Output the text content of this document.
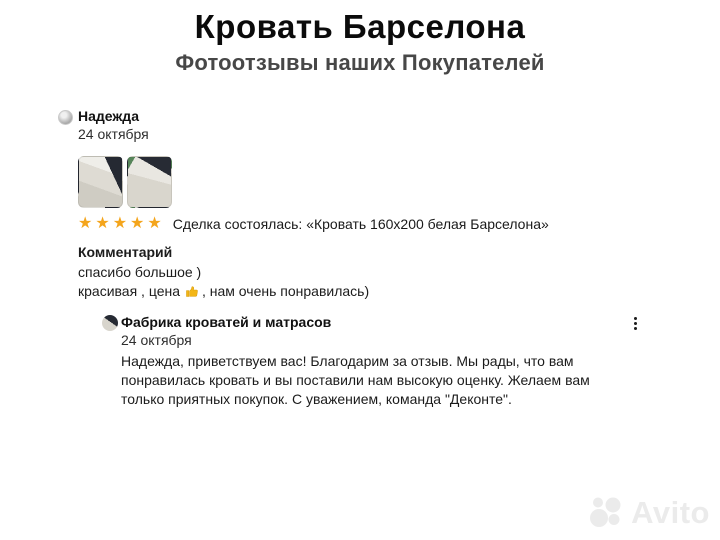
Кровать Барселона
Фотоотзывы наших Покупателей
Надежда
24 октября
★★★★★ Сделка состоялась: «Кровать 160x200 белая Барселона»
Комментарий
спасибо большое )
красивая , цена , нам очень понравилась)
Фабрика кроватей и матрасов
24 октября
Надежда, приветствуем вас! Благодарим за отзыв. Мы рады, что вам понравилась кровать и вы поставили нам высокую оценку. Желаем вам только приятных покупок. С уважением, команда "Деконте".
Avito
